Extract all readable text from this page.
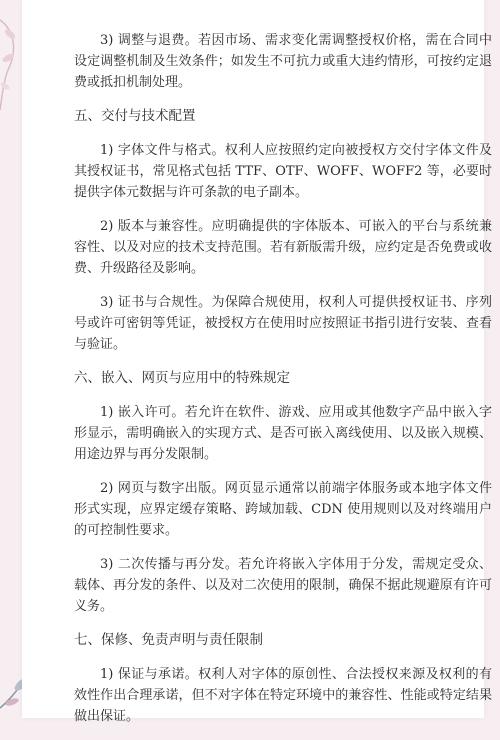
3) 调整与退费。若因市场、需求变化需调整授权价格，需在合同中设定调整机制及生效条件；如发生不可抗力或重大违约情形，可按约定退费或抵扣机制处理。

五、交付与技术配置

1) 字体文件与格式。权利人应按照约定向被授权方交付字体文件及其授权证书，常见格式包括 TTF、OTF、WOFF、WOFF2 等，必要时提供字体元数据与许可条款的电子副本。

2) 版本与兼容性。应明确提供的字体版本、可嵌入的平台与系统兼容性、以及对应的技术支持范围。若有新版需升级，应约定是否免费或收费、升级路径及影响。

3) 证书与合规性。为保障合规使用，权利人可提供授权证书、序列号或许可密钥等凭证，被授权方在使用时应按照证书指引进行安装、查看与验证。

六、嵌入、网页与应用中的特殊规定

1) 嵌入许可。若允许在软件、游戏、应用或其他数字产品中嵌入字形显示，需明确嵌入的实现方式、是否可嵌入离线使用、以及嵌入规模、用途边界与再分发限制。

2) 网页与数字出版。网页显示通常以前端字体服务或本地字体文件形式实现，应界定缓存策略、跨域加载、CDN 使用规则以及对终端用户的可控制性要求。

3) 二次传播与再分发。若允许将嵌入字体用于分发，需规定受众、载体、再分发的条件、以及对二次使用的限制，确保不据此规避原有许可义务。

七、保修、免责声明与责任限制

1) 保证与承诺。权利人对字体的原创性、合法授权来源及权利的有效性作出合理承诺，但不对字体在特定环境中的兼容性、性能或特定结果做出保证。
